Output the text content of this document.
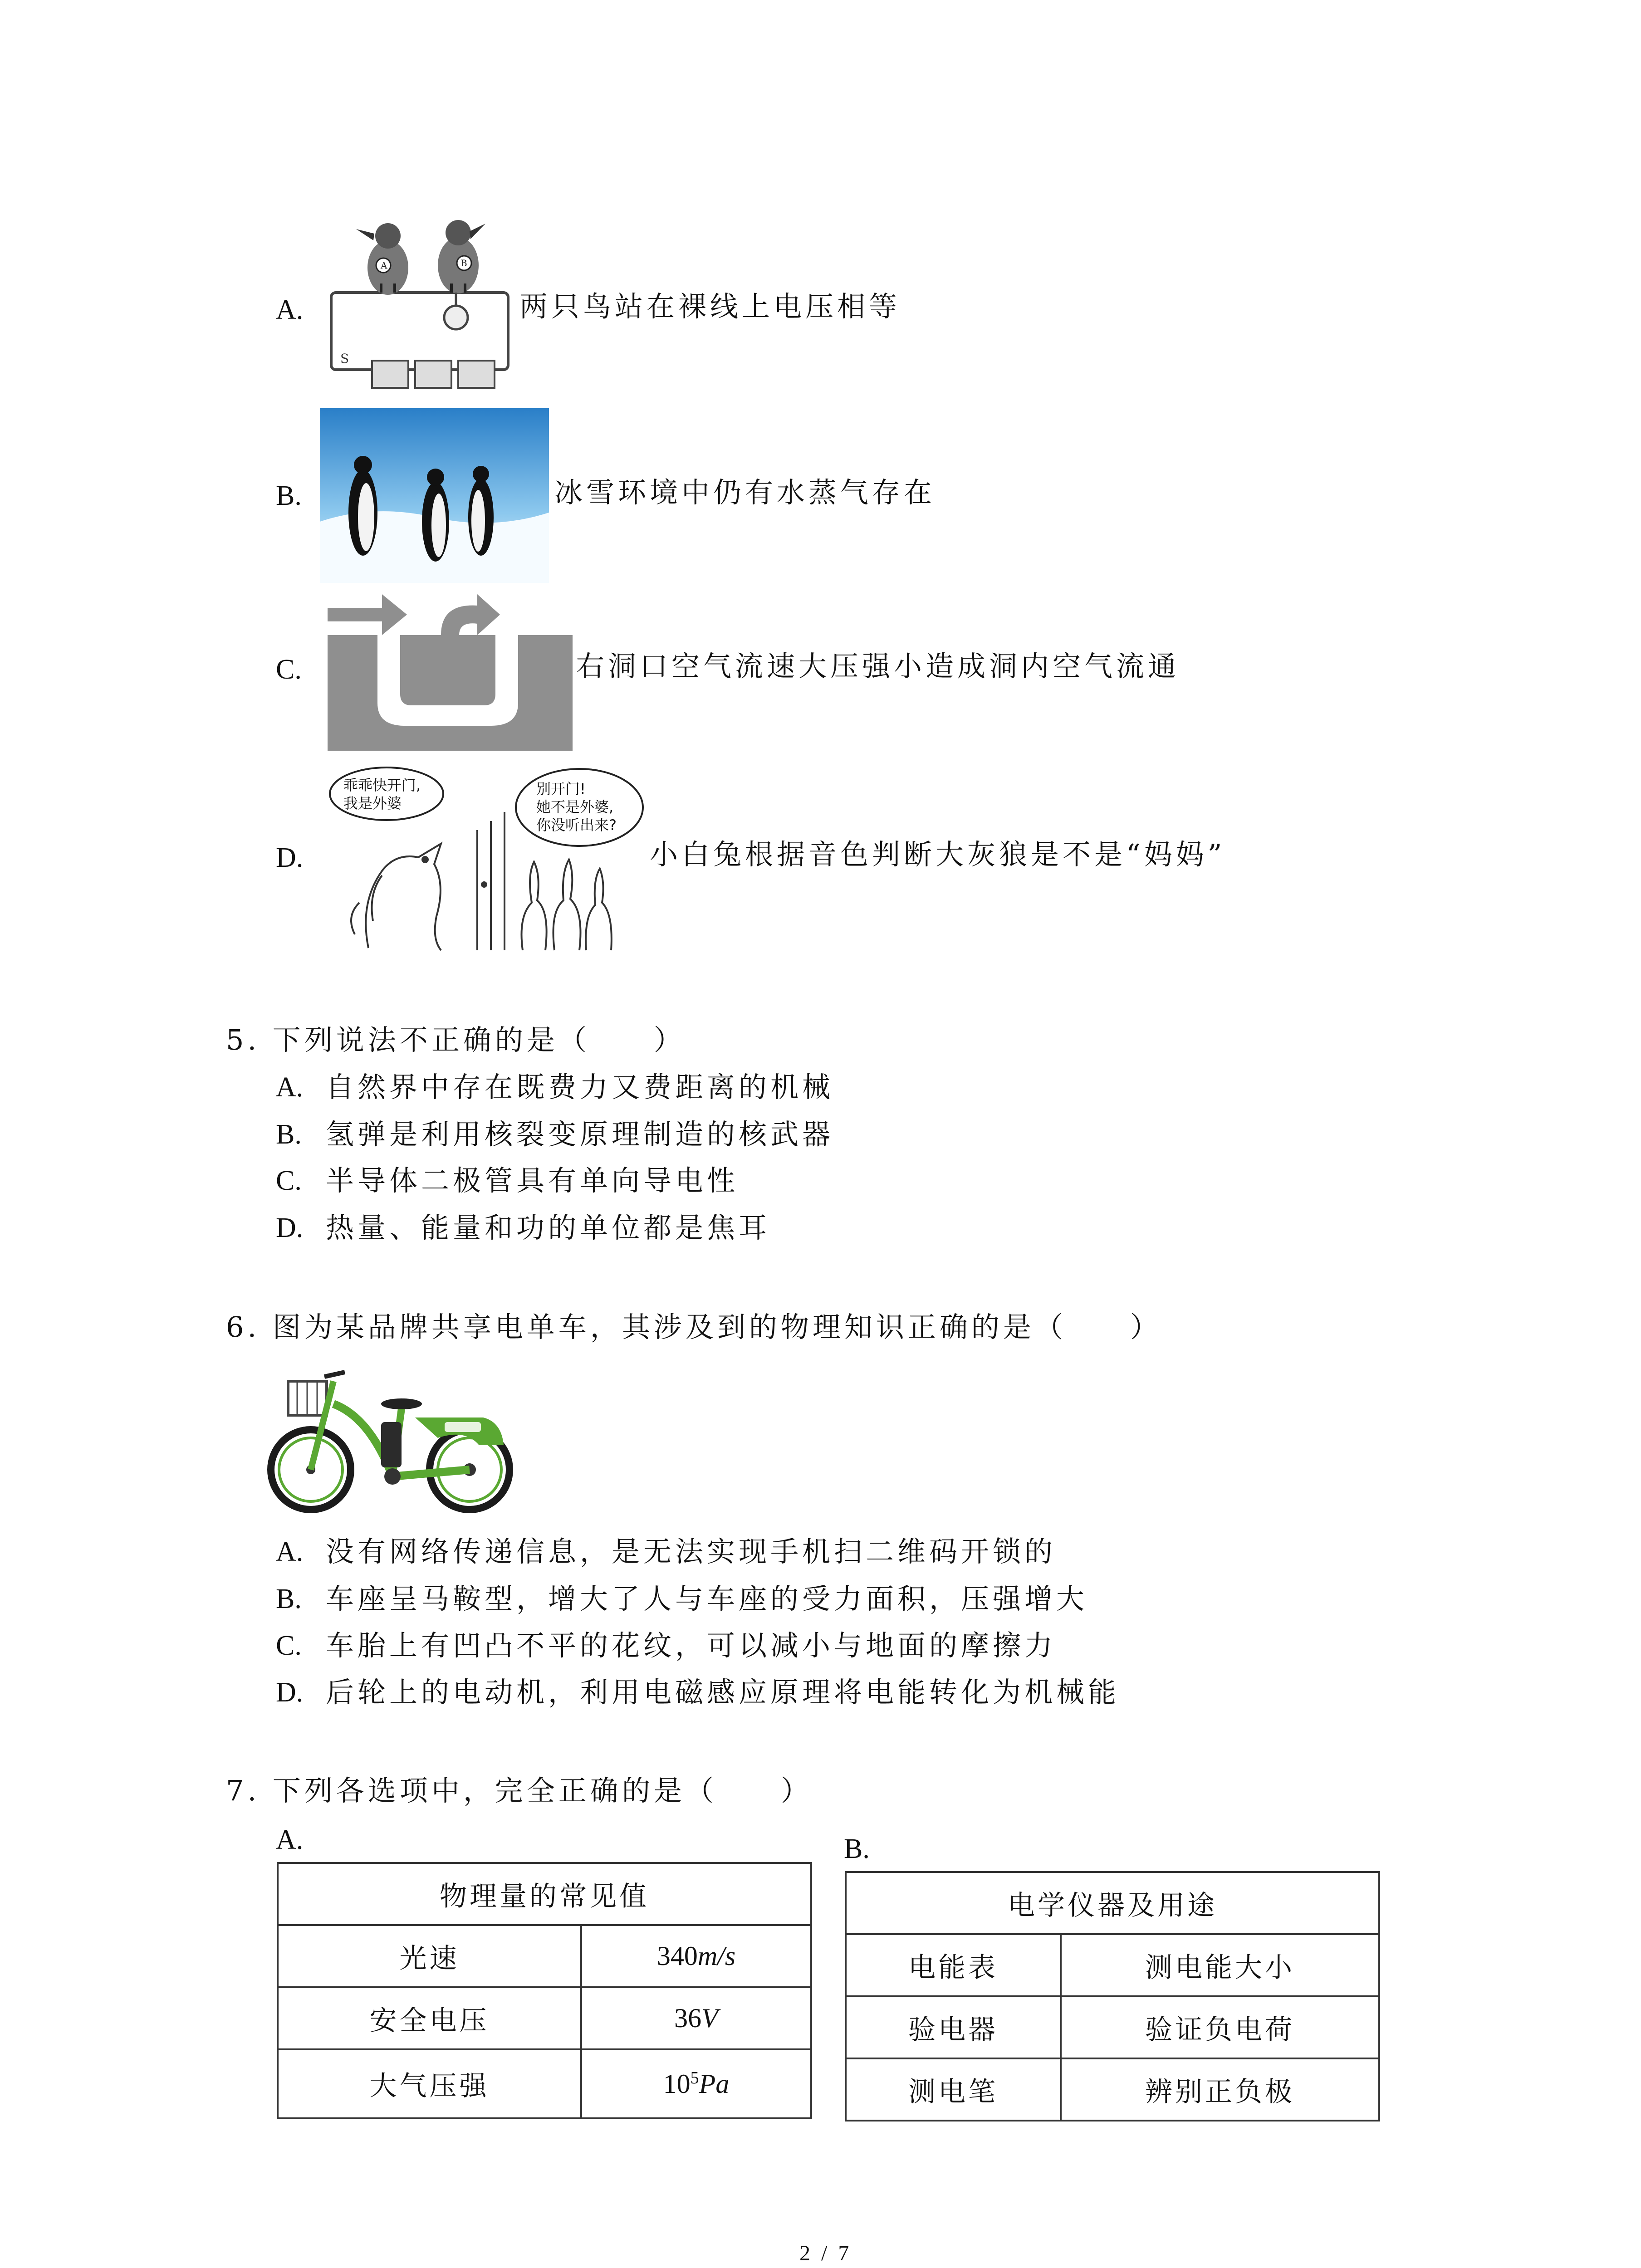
A.
A	B
S
两只鸟站在裸线上电压相等
B.	冰雪环境中仍有水蒸气存在
C.	右洞口空气流速大压强小造成洞内空气流通
D.
乖乖快开门,
我是外婆
别开门!
她不是外婆,
你没听出来?
小白兔根据音色判断大灰狼是不是“妈妈”
5. 下列说法不正确的是（　　）
A. 自然界中存在既费力又费距离的机械
B. 氢弹是利用核裂变原理制造的核武器
C. 半导体二极管具有单向导电性
D. 热量、能量和功的单位都是焦耳
6. 图为某品牌共享电单车，其涉及到的物理知识正确的是（　　）
A. 没有网络传递信息，是无法实现手机扫二维码开锁的
B. 车座呈马鞍型，增大了人与车座的受力面积，压强增大
C. 车胎上有凹凸不平的花纹，可以减小与地面的摩擦力
D. 后轮上的电动机，利用电磁感应原理将电能转化为机械能
7. 下列各选项中，完全正确的是（　　）
A.
物理量的常见值	
光速	340m/s
安全电压	36V
大气压强	$10^5Pa$
B.
电学仪器及用途	
电能表	测电能大小
验电器	验证负电荷
测电笔	辨别正负极
2 / 7
